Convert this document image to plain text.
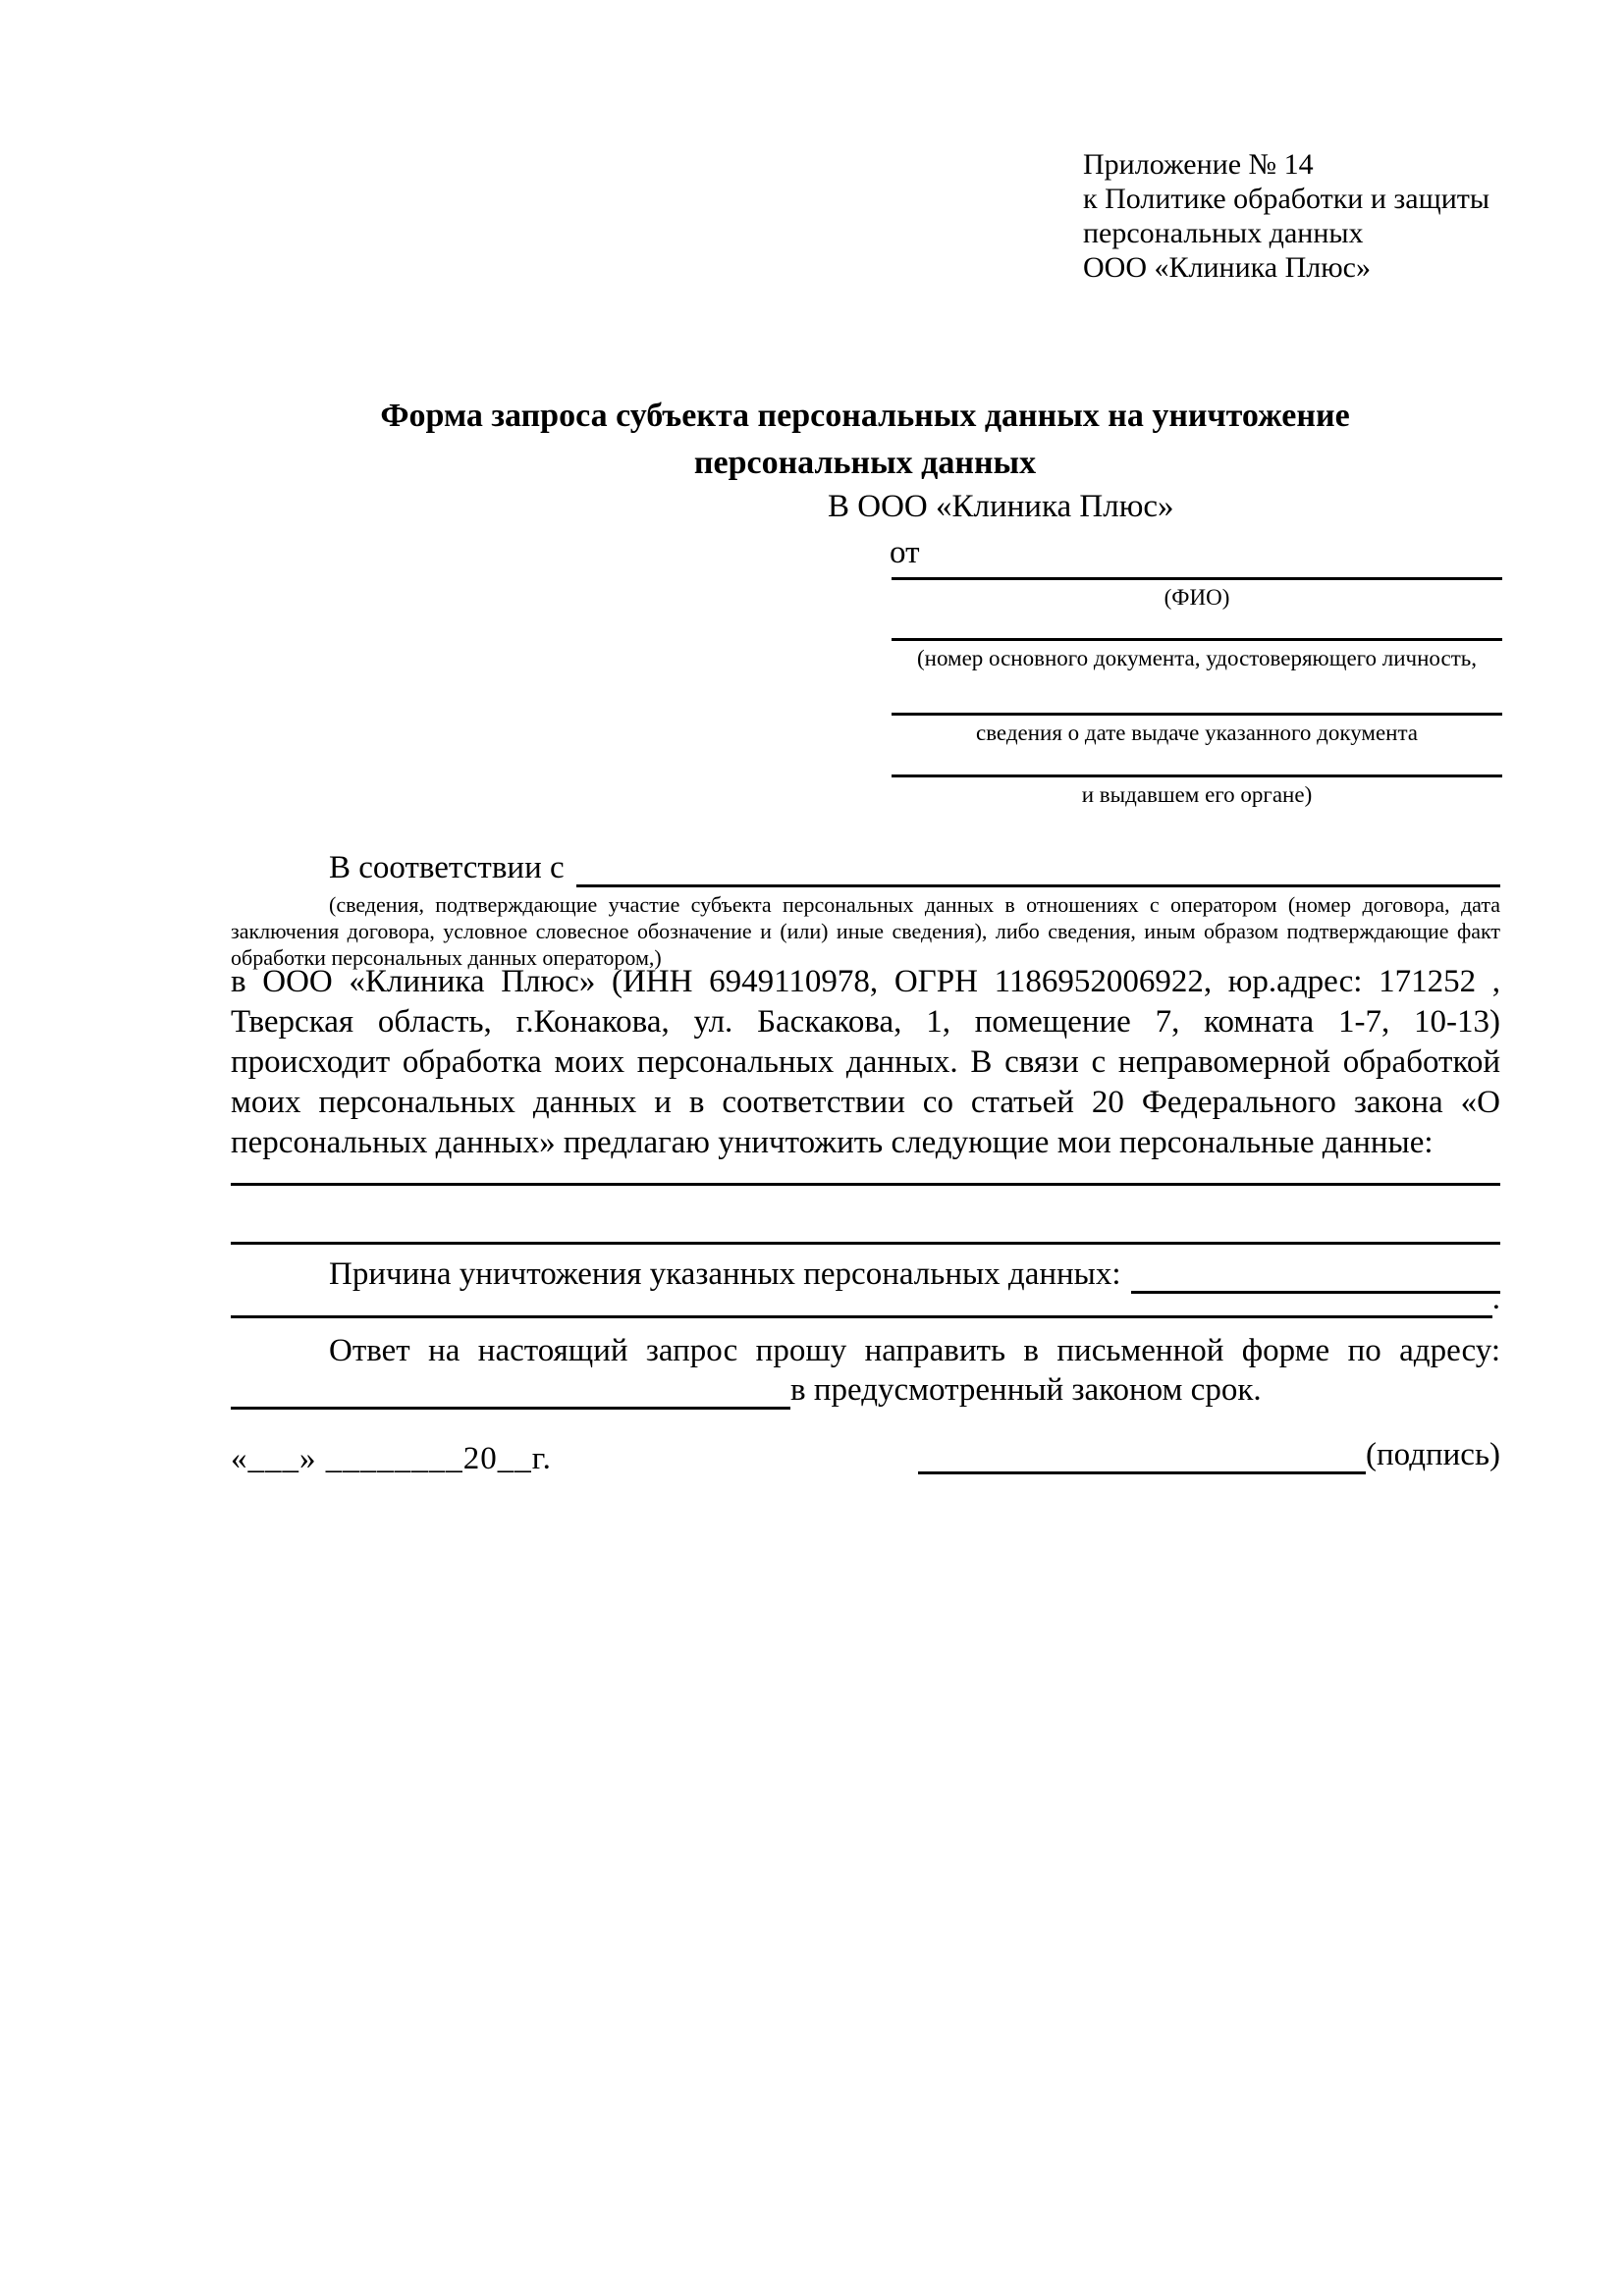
Приложение № 14
к Политике обработки и защиты
персональных данных
ООО «Клиника Плюс»
Форма запроса субъекта персональных данных на уничтожение персональных данных
В ООО «Клиника Плюс»
от
(ФИО)
(номер основного документа, удостоверяющего личность,
сведения о дате выдаче указанного документа
и выдавшем его органе)
В соответствии с
(сведения, подтверждающие участие субъекта персональных данных в отношениях с оператором (номер договора, дата заключения договора, условное словесное обозначение и (или) иные сведения), либо сведения, иным образом подтверждающие факт обработки персональных данных оператором,)
в ООО «Клиника Плюс» (ИНН 6949110978, ОГРН 1186952006922, юр.адрес: 171252 , Тверская область, г.Конакова, ул. Баскакова, 1, помещение 7, комната 1-7, 10-13) происходит обработка моих персональных данных. В связи с неправомерной обработкой моих персональных данных и в соответствии со статьей 20 Федерального закона «О персональных данных» предлагаю уничтожить следующие мои персональные данные:
Причина уничтожения указанных персональных данных:
.
Ответ на настоящий запрос прошу направить в письменной форме по адресу:
в предусмотренный законом срок.
«___» ________20__г.	(подпись)
